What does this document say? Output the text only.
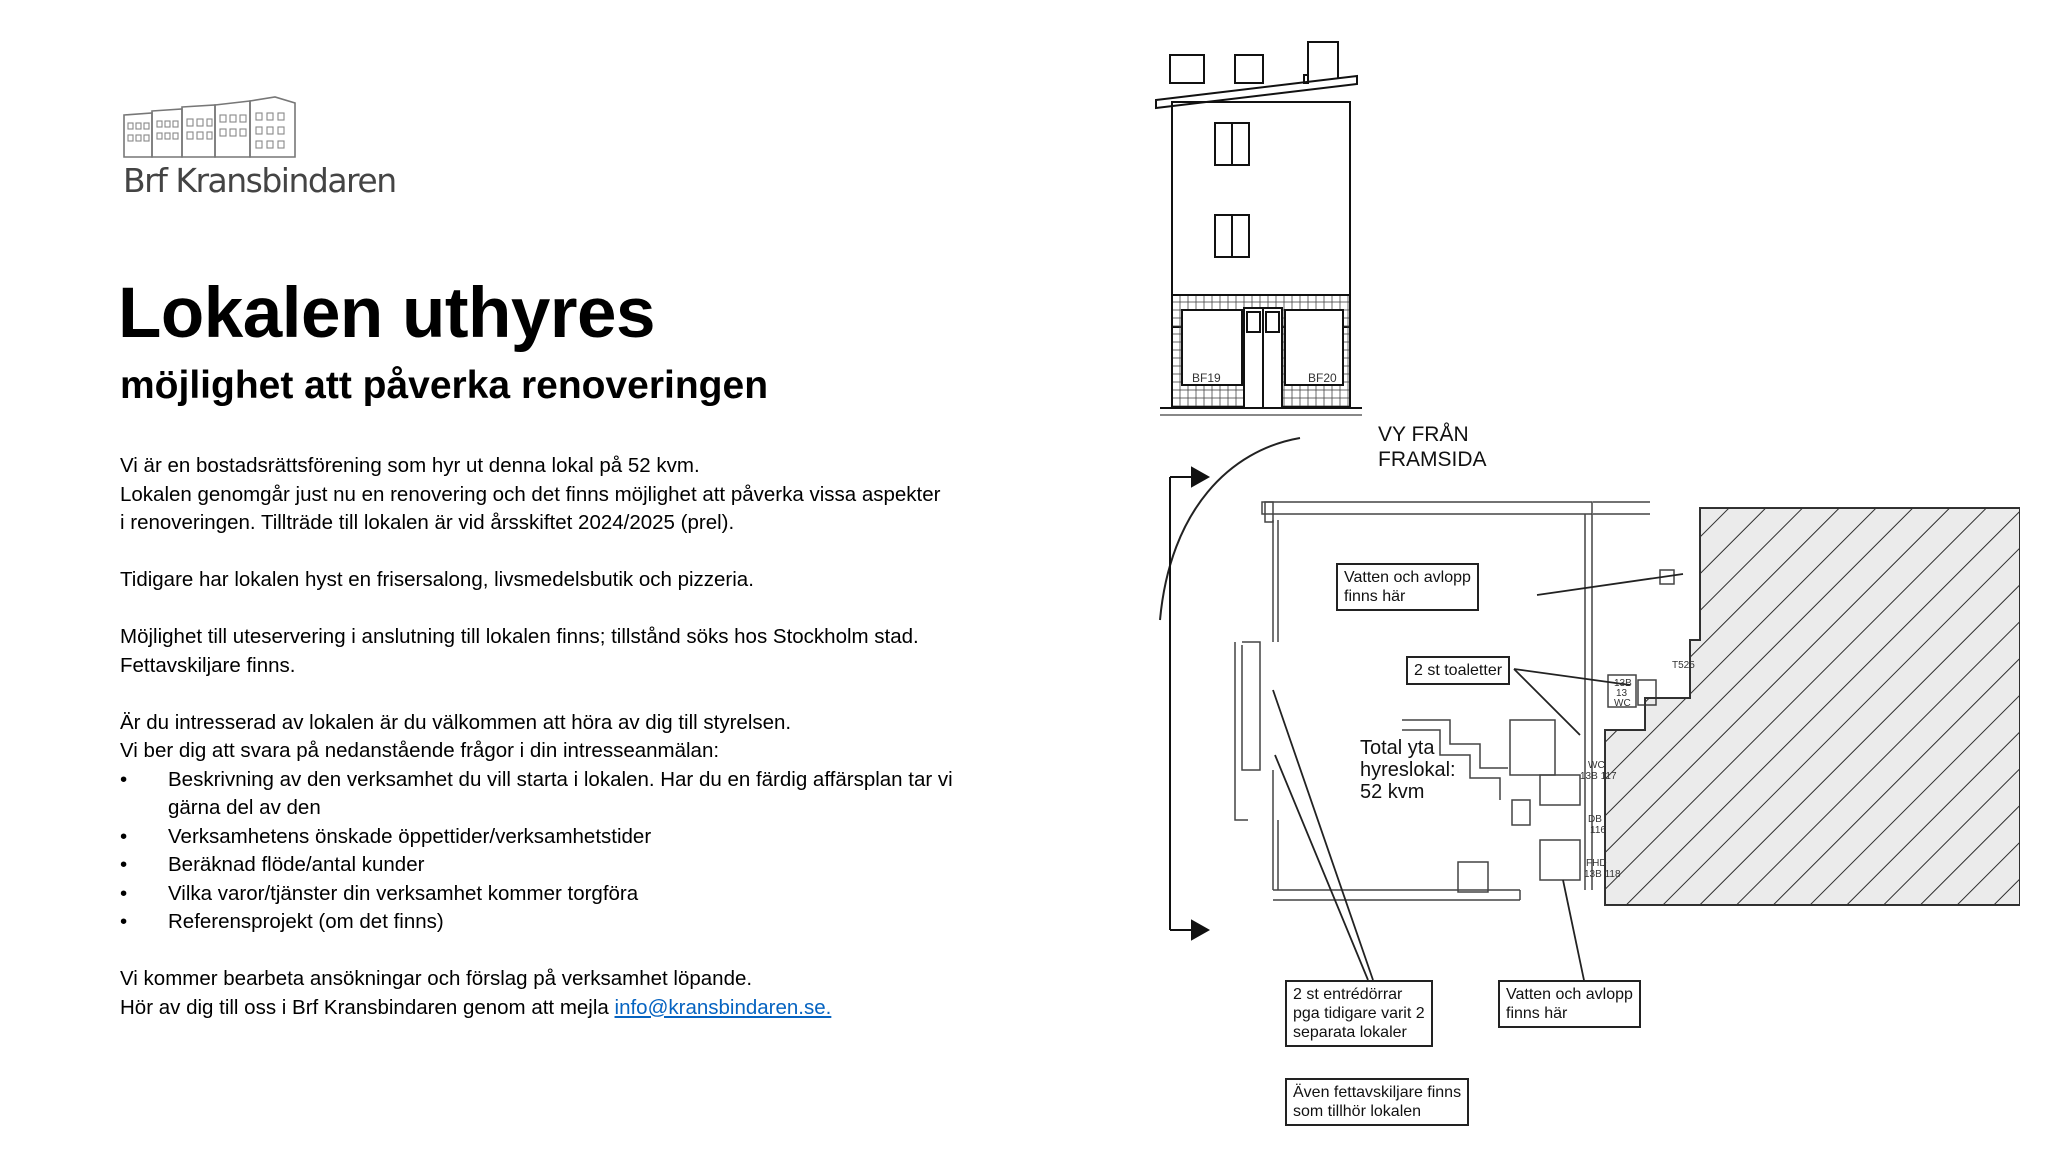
Brf Kransbindaren
Lokalen uthyres
möjlighet att påverka renoveringen
Vi är en bostadsrättsförening som hyr ut denna lokal på 52 kvm.
Lokalen genomgår just nu en renovering och det finns möjlighet att påverka vissa aspekter
i renoveringen. Tillträde till lokalen är vid årsskiftet 2024/2025 (prel).
Tidigare har lokalen hyst en frisersalong, livsmedelsbutik och pizzeria.
Möjlighet till uteservering i anslutning till lokalen finns; tillstånd söks hos Stockholm stad.
Fettavskiljare finns.
Är du intresserad av lokalen är du välkommen att höra av dig till styrelsen.
Vi ber dig att svara på nedanstående frågor i din intresseanmälan:
• Beskrivning av den verksamhet du vill starta i lokalen. Har du en färdig affärsplan tar vi
gärna del av den
• Verksamhetens önskade öppettider/verksamhetstider
• Beräknad flöde/antal kunder
• Vilka varor/tjänster din verksamhet kommer torgföra
• Referensprojekt (om det finns)
Vi kommer bearbeta ansökningar och förslag på verksamhet löpande.
Hör av dig till oss i Brf Kransbindaren genom att mejla info@kransbindaren.se.
VY FRÅN
FRAMSIDA
BF19	BF20
Vatten och avlopp
finns här
2 st toaletter
Total yta
hyreslokal:
52 kvm
2 st entrédörrar
pga tidigare varit 2
separata lokaler
Vatten och avlopp
finns här
Även fettavskiljare finns
som tillhör lokalen
T525
13B
13
WC
WC
13B 117
DB
116
FHD
13B 118
